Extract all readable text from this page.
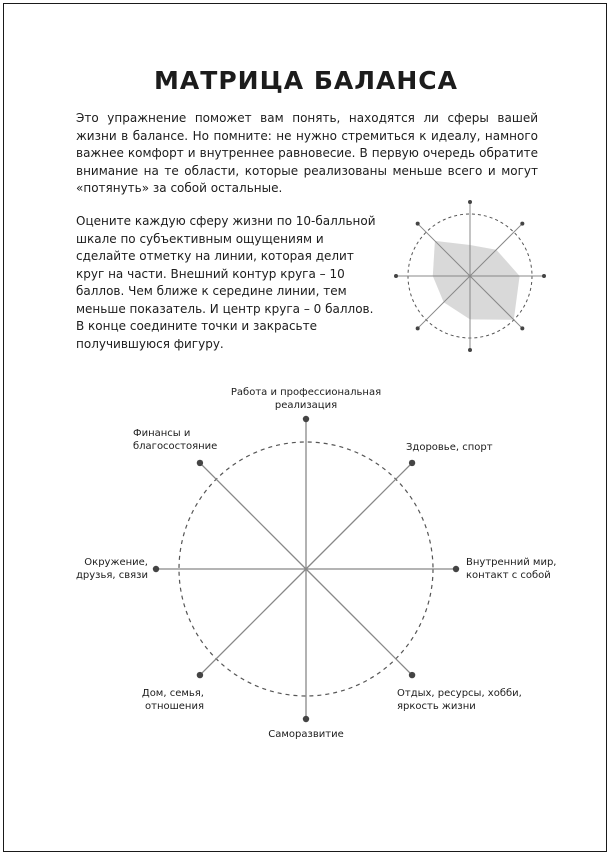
МАТРИЦА БАЛАНСА

Это упражнение поможет вам понять, находятся ли сферы вашей жизни в балансе. Но помните: не нужно стремиться к идеалу, намного важнее комфорт и внутреннее равновесие. В первую очередь обратите внимание на те области, которые реализованы меньше всего и могут «потянуть» за собой остальные.

Оцените каждую сферу жизни по 10-балльной шкале по субъективным ощущениям и сделайте отметку на линии, которая делит круг на части. Внешний контур круга – 10 баллов. Чем ближе к середине линии, тем меньше показатель. И центр круга – 0 баллов. В конце соедините точки и закрасьте получившуюся фигуру.

Работа и профессиональная реализация

Здоровье, спорт

Внутренний мир, контакт с собой

Отдых, ресурсы, хобби, яркость жизни

Саморазвитие

Дом, семья, отношения

Окружение, друзья, связи

Финансы и благосостояние
